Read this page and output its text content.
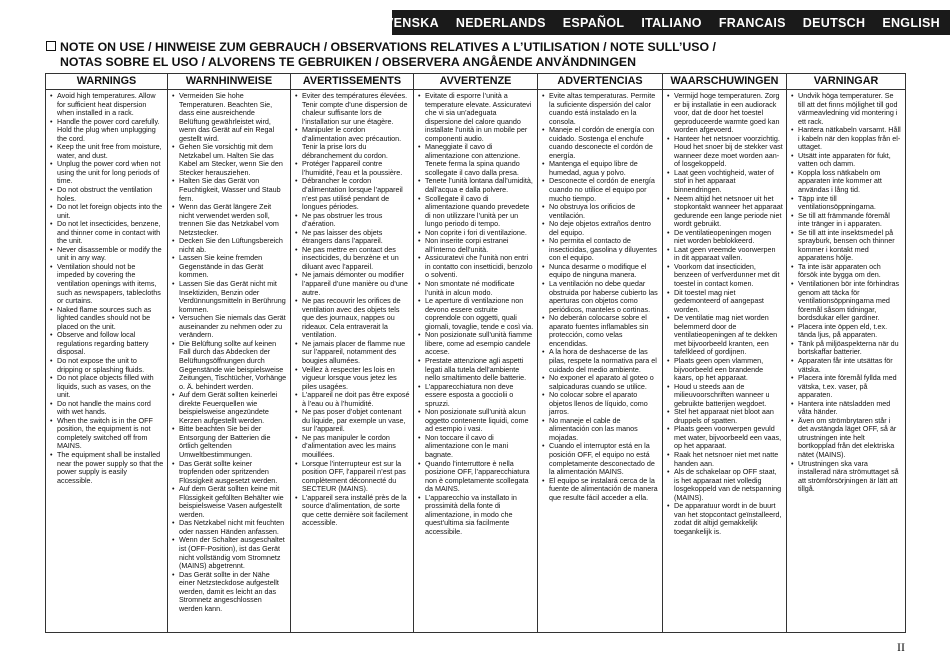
SVENSKA NEDERLANDS ESPAÑOL ITALIANO FRANCAIS DEUTSCH ENGLISH
NOTE ON USE / HINWEISE ZUM GEBRAUCH / OBSERVATIONS RELATIVES A L’UTILISATION / NOTE SULL’USO /
NOTAS SOBRE EL USO / ALVORENS TE GEBRUIKEN / OBSERVERA ANGÅENDE ANVÄNDNINGEN
WARNINGS
• Avoid high temperatures. Allow for sufficient heat dispersion when installed in a rack.
• Handle the power cord carefully. Hold the plug when unplugging the cord.
• Keep the unit free from moisture, water, and dust.
• Unplug the power cord when not using the unit for long periods of time.
• Do not obstruct the ventilation holes.
• Do not let foreign objects into the unit.
• Do not let insecticides, benzene, and thinner come in contact with the unit.
• Never disassemble or modify the unit in any way.
• Ventilation should not be impeded by covering the ventilation openings with items, such as newspapers, tablecloths or curtains.
• Naked flame sources such as lighted candles should not be placed on the unit.
• Observe and follow local regulations regarding battery disposal.
• Do not expose the unit to dripping or splashing fluids.
• Do not place objects filled with liquids, such as vases, on the unit.
• Do not handle the mains cord with wet hands.
• When the switch is in the OFF position, the equipment is not completely switched off from MAINS.
• The equipment shall be installed near the power supply so that the power supply is easily accessible.
WARNHINWEISE
• Vermeiden Sie hohe Temperaturen. Beachten Sie, dass eine ausreichende Belüftung gewährleistet wird, wenn das Gerät auf ein Regal gestellt wird.
• Gehen Sie vorsichtig mit dem Netzkabel um. Halten Sie das Kabel am Stecker, wenn Sie den Stecker herausziehen.
• Halten Sie das Gerät von Feuchtigkeit, Wasser und Staub fern.
• Wenn das Gerät längere Zeit nicht verwendet werden soll, trennen Sie das Netzkabel vom Netzstecker.
• Decken Sie den Lüftungsbereich nicht ab.
• Lassen Sie keine fremden Gegenstände in das Gerät kommen.
• Lassen Sie das Gerät nicht mit Insektiziden, Benzin oder Verdünnungsmitteln in Berührung kommen.
• Versuchen Sie niemals das Gerät auseinander zu nehmen oder zu verändern.
• Die Belüftung sollte auf keinen Fall durch das Abdecken der Belüftungsöffnungen durch Gegenstände wie beispielsweise Zeitungen, Tischtücher, Vorhänge o. Ä. behindert werden.
• Auf dem Gerät sollten keinerlei direkte Feuerquellen wie beispielsweise angezündete Kerzen aufgestellt werden.
• Bitte beachten Sie bei der Entsorgung der Batterien die örtlich geltenden Umweltbestimmungen.
• Das Gerät sollte keiner tropfenden oder spritzenden Flüssigkeit ausgesetzt werden.
• Auf dem Gerät sollten keine mit Flüssigkeit gefüllten Behälter wie beispielsweise Vasen aufgestellt werden.
• Das Netzkabel nicht mit feuchten oder nassen Händen anfassen.
• Wenn der Schalter ausgeschaltet ist (OFF-Position), ist das Gerät nicht vollständig vom Stromnetz (MAINS) abgetrennt.
• Das Gerät sollte in der Nähe einer Netzsteckdose aufgestellt werden, damit es leicht an das Stromnetz angeschlossen werden kann.
AVERTISSEMENTS
• Eviter des températures élevées. Tenir compte d’une dispersion de chaleur suffisante lors de l’installation sur une étagère.
• Manipuler le cordon d’alimentation avec précaution. Tenir la prise lors du débranchement du cordon.
• Protéger l’appareil contre l’humidité, l’eau et la poussière.
• Débrancher le cordon d’alimentation lorsque l’appareil n’est pas utilisé pendant de longues périodes.
• Ne pas obstruer les trous d’aération.
• Ne pas laisser des objets étrangers dans l’appareil.
• Ne pas mettre en contact des insecticides, du benzène et un diluant avec l’appareil.
• Ne jamais démonter ou modifier l’appareil d’une manière ou d’une autre.
• Ne pas recouvrir les orifices de ventilation avec des objets tels que des journaux, nappes ou rideaux. Cela entraverait la ventilation.
• Ne jamais placer de flamme nue sur l’appareil, notamment des bougies allumées.
• Veillez à respecter les lois en vigueur lorsque vous jetez les piles usagées.
• L’appareil ne doit pas être exposé à l’eau ou à l’humidité.
• Ne pas poser d’objet contenant du liquide, par exemple un vase, sur l’appareil.
• Ne pas manipuler le cordon d’alimentation avec les mains mouillées.
• Lorsque l’interrupteur est sur la position OFF, l’appareil n’est pas complètement déconnecté du SECTEUR (MAINS).
• L’appareil sera installé près de la source d’alimentation, de sorte que cette dernière soit facilement accessible.
AVVERTENZE
• Evitate di esporre l’unità a temperature elevate. Assicuratevi che vi sia un’adeguata dispersione del calore quando installate l’unità in un mobile per componenti audio.
• Maneggiate il cavo di alimentazione con attenzione. Tenete ferma la spina quando scollegate il cavo dalla presa.
• Tenete l’unità lontana dall’umidità, dall’acqua e dalla polvere.
• Scollegate il cavo di alimentazione quando prevedete di non utilizzare l’unità per un lungo periodo di tempo.
• Non coprite i fori di ventilazione.
• Non inserite corpi estranei all’interno dell’unità.
• Assicuratevi che l’unità non entri in contatto con insetticidi, benzolo o solventi.
• Non smontate né modificate l’unità in alcun modo.
• Le aperture di ventilazione non devono essere ostruite coprendole con oggetti, quali giornali, tovaglie, tende e così via.
• Non posizionate sull’unità fiamme libere, come ad esempio candele accese.
• Prestate attenzione agli aspetti legati alla tutela dell’ambiente nello smaltimento delle batterie.
• L’apparecchiatura non deve essere esposta a gocciolii o spruzzi.
• Non posizionate sull’unità alcun oggetto contenente liquidi, come ad esempio i vasi.
• Non toccare il cavo di alimentazione con le mani bagnate.
• Quando l’interruttore è nella posizione OFF, l’apparecchiatura non è completamente scollegata da MAINS.
• L’apparecchio va installato in prossimità della fonte di alimentazione, in modo che quest’ultima sia facilmente accessibile.
ADVERTENCIAS
• Evite altas temperaturas. Permite la suficiente dispersión del calor cuando está instalado en la consola.
• Maneje el cordón de energía con cuidado. Sostenga el enchufe cuando desconecte el cordón de energía.
• Mantenga el equipo libre de humedad, agua y polvo.
• Desconecte el cordón de energía cuando no utilice el equipo por mucho tiempo.
• No obstruya los orificios de ventilación.
• No deje objetos extraños dentro del equipo.
• No permita el contacto de insecticidas, gasolina y diluyentes con el equipo.
• Nunca desarme o modifique el equipo de ninguna manera.
• La ventilación no debe quedar obstruida por haberse cubierto las aperturas con objetos como periódicos, manteles o cortinas.
• No deberán colocarse sobre el aparato fuentes inflamables sin protección, como velas encendidas.
• A la hora de deshacerse de las pilas, respete la normativa para el cuidado del medio ambiente.
• No exponer el aparato al goteo o salpicaduras cuando se utilice.
• No colocar sobre el aparato objetos llenos de líquido, como jarros.
• No maneje el cable de alimentación con las manos mojadas.
• Cuando el interruptor está en la posición OFF, el equipo no está completamente desconectado de la alimentación MAINS.
• El equipo se instalará cerca de la fuente de alimentación de manera que resulte fácil acceder a ella.
WAARSCHUWINGEN
• Vermijd hoge temperaturen. Zorg er bij installatie in een audiorack voor, dat de door het toestel geproduceerde warmte goed kan worden afgevoerd.
• Hanteer het netsnoer voorzichtig. Houd het snoer bij de stekker vast wanneer deze moet worden aan- of losgekoppeld.
• Laat geen vochtigheid, water of stof in het apparaat binnendringen.
• Neem altijd het netsnoer uit het stopkontakt wanneer het apparaat gedurende een lange periode niet wordt gebruikt.
• De ventilatieopeningen mogen niet worden beblokkeerd.
• Laat geen vreemde voorwerpen in dit apparaat vallen.
• Voorkom dat insecticiden, benzeen of verfverdunner met dit toestel in contact komen.
• Dit toestel mag niet gedemonteerd of aangepast worden.
• De ventilatie mag niet worden belemmerd door de ventilatieopeningen af te dekken met bijvoorbeeld kranten, een tafelkleed of gordijnen.
• Plaats geen open vlammen, bijvoorbeeld een brandende kaars, op het apparaat.
• Houd u steeds aan de milieuvoorschriften wanneer u gebruikte batterijen wegdoet.
• Stel het apparaat niet bloot aan druppels of spatten.
• Plaats geen voorwerpen gevuld met water, bijvoorbeeld een vaas, op het apparaat.
• Raak het netsnoer niet met natte handen aan.
• Als de schakelaar op OFF staat, is het apparaat niet volledig losgekoppeld van de netspanning (MAINS).
• De apparatuur wordt in de buurt van het stopcontact geïnstalleerd, zodat dit altijd gemakkelijk toegankelijk is.
VARNINGAR
• Undvik höga temperaturer. Se till att det finns möjlighet till god värmeavledning vid montering i ett rack.
• Hantera nätkabeln varsamt. Håll i kabeln när den kopplas från el-uttaget.
• Utsätt inte apparaten för fukt, vatten och damm.
• Koppla loss nätkabeln om apparaten inte kommer att användas i lång tid.
• Täpp inte till ventilationsöppningarna.
• Se till att främmande föremål inte tränger in i apparaten.
• Se till att inte insektsmedel på sprayburk, bensen och thinner kommer i kontakt med apparatens hölje.
• Ta inte isär apparaten och försök inte bygga om den.
• Ventilationen bör inte förhindras genom att täcka för ventilationsöppningarna med föremål såsom tidningar, bordsdukar eller gardiner.
• Placera inte öppen eld, t.ex. tända ljus, på apparaten.
• Tänk på miljöaspekterna när du bortskaffar batterier.
• Apparaten får inte utsättas för vätska.
• Placera inte föremål fyllda med vätska, t.ex. vaser, på apparaten.
• Hantera inte nätsladden med våta händer.
• Även om strömbrytaren står i det avstängda läget OFF, så är utrustningen inte helt bortkopplad från det elektriska nätet (MAINS).
• Utrustningen ska vara installerad nära strömuttaget så att strömförsörjningen är lätt att tillgå.
II
